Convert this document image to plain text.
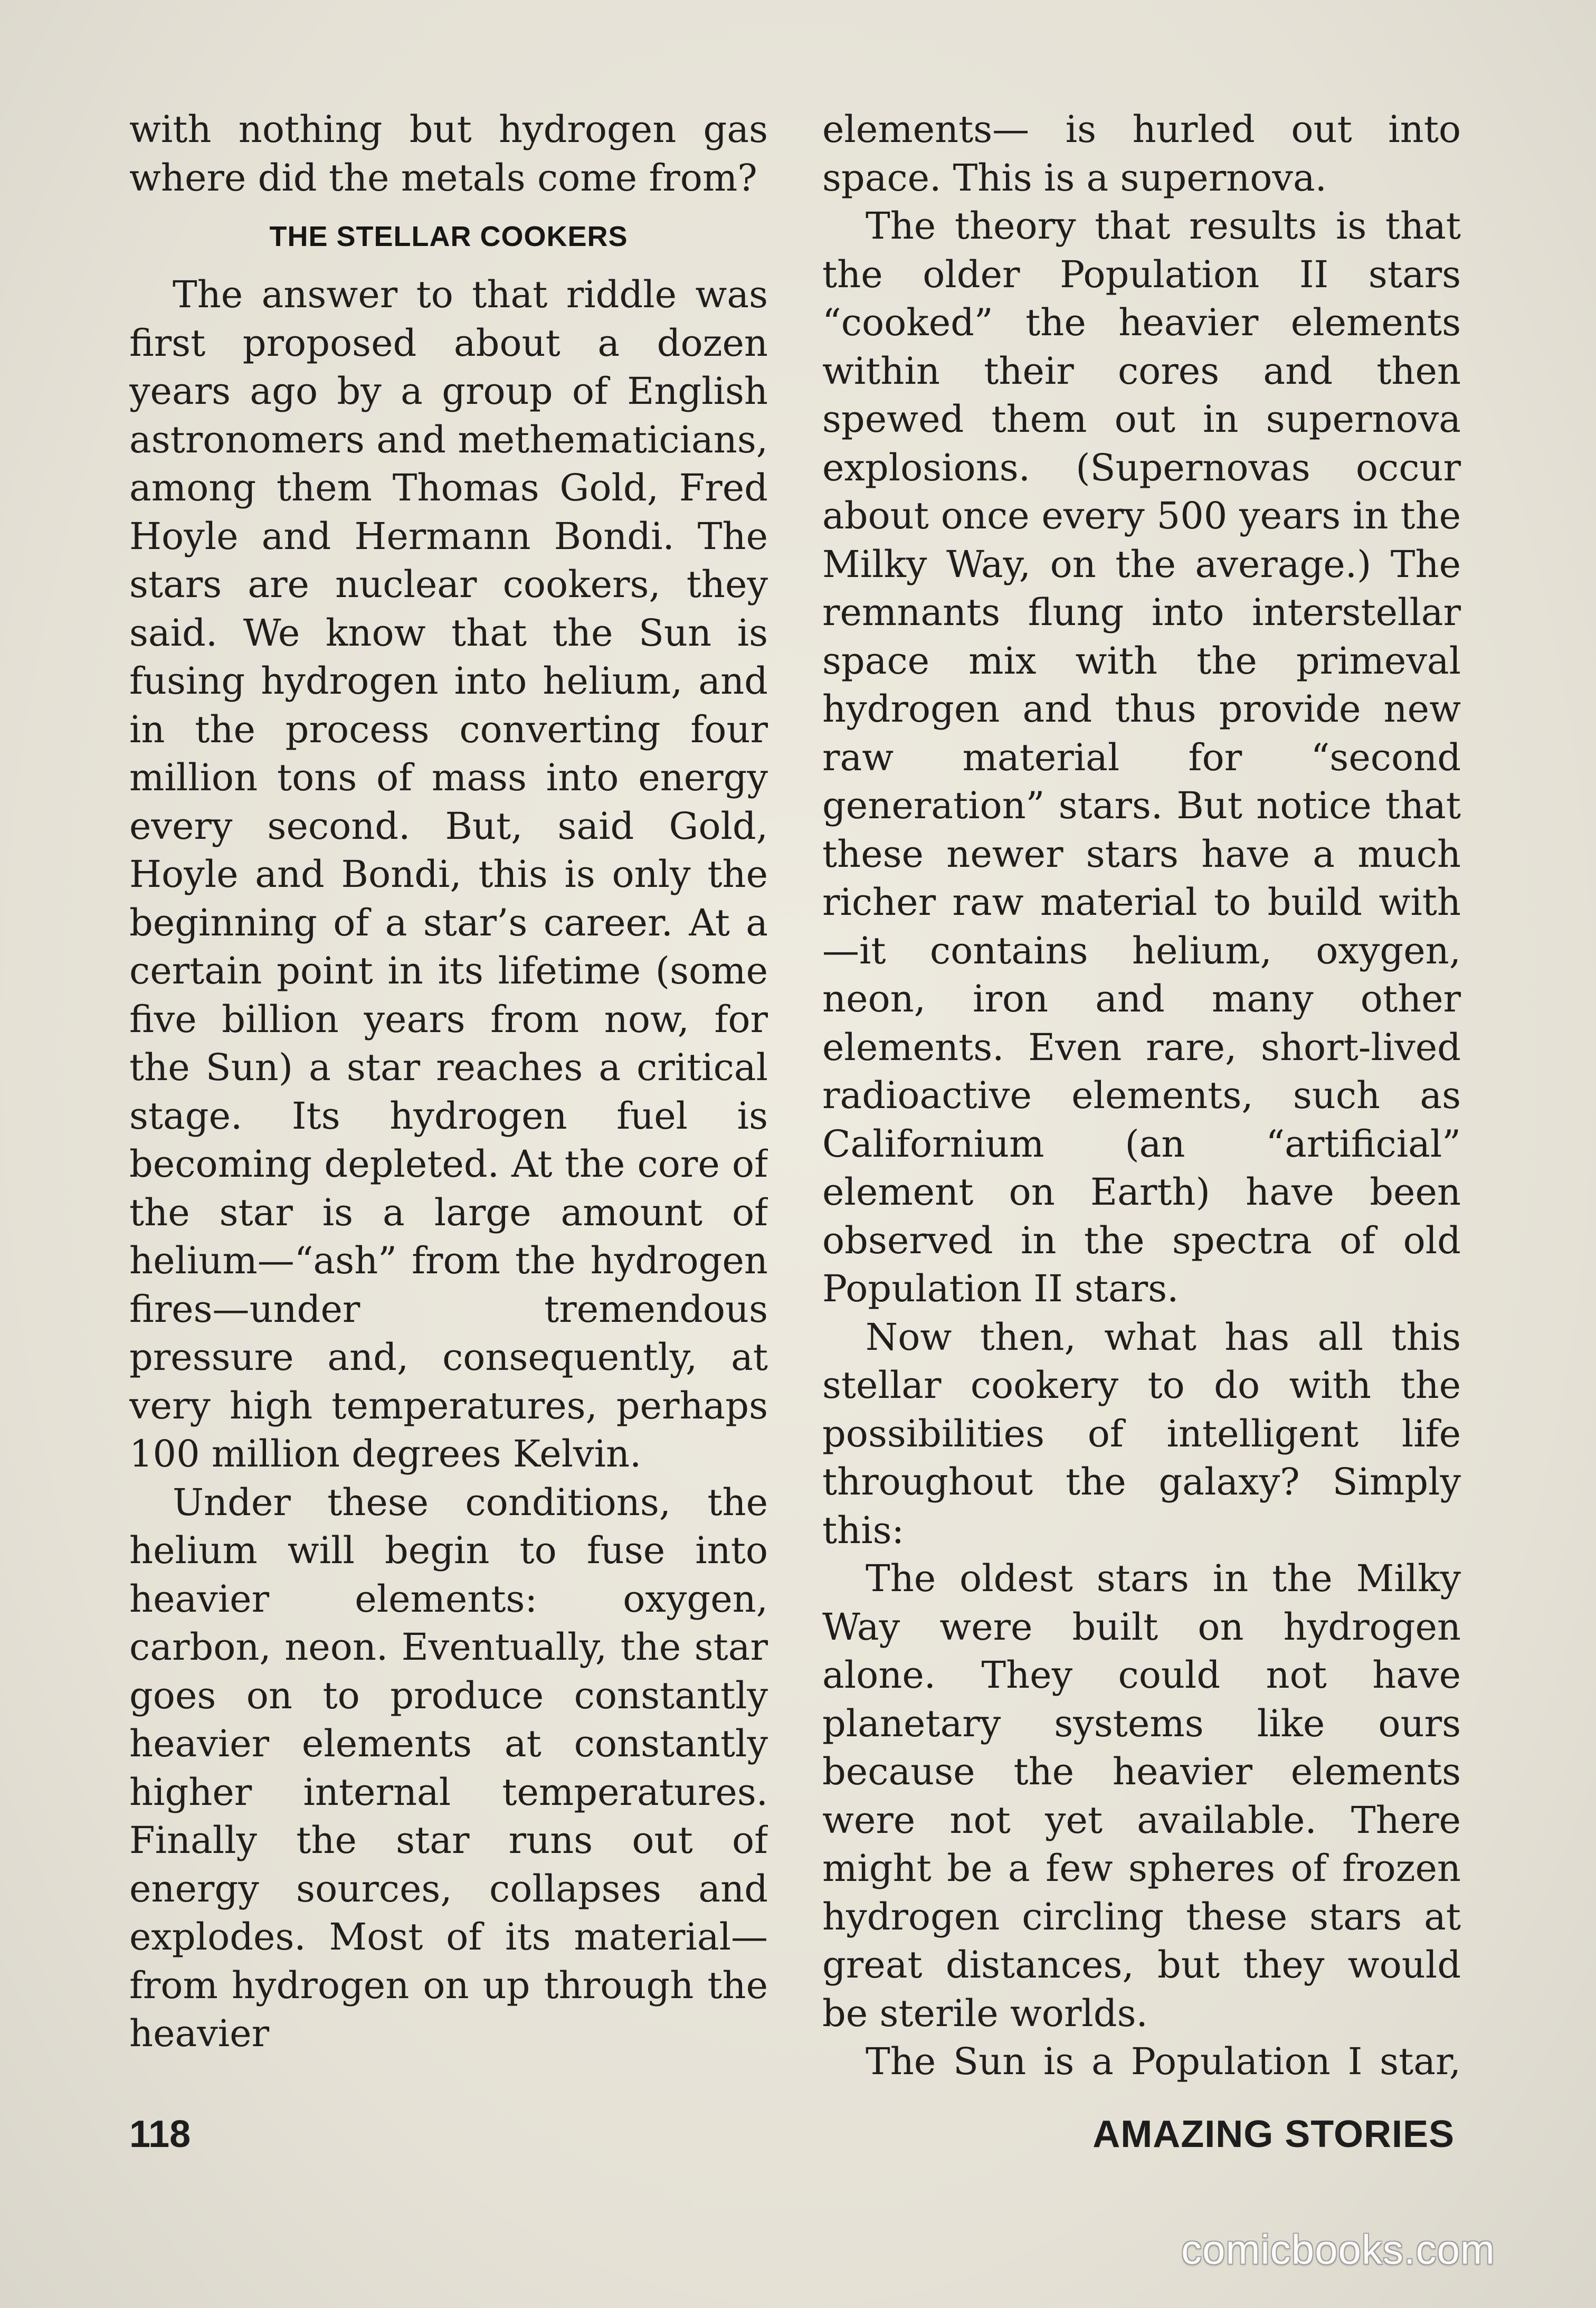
with nothing but hydrogen gas where did the metals come from?

THE STELLAR COOKERS

The answer to that riddle was first proposed about a dozen years ago by a group of English astronomers and methematicians, among them Thomas Gold, Fred Hoyle and Hermann Bondi. The stars are nuclear cookers, they said. We know that the Sun is fusing hydrogen into helium, and in the process converting four million tons of mass into energy every second. But, said Gold, Hoyle and Bondi, this is only the beginning of a star’s career. At a certain point in its lifetime (some five billion years from now, for the Sun) a star reaches a critical stage. Its hydrogen fuel is becoming depleted. At the core of the star is a large amount of helium—“ash” from the hydrogen fires—under tremendous pressure and, consequently, at very high temperatures, perhaps 100 million degrees Kelvin.

Under these conditions, the helium will begin to fuse into heavier elements: oxygen, carbon, neon. Eventually, the star goes on to produce constantly heavier elements at constantly higher internal temperatures. Finally the star runs out of energy sources, collapses and explodes. Most of its material—from hydrogen on up through the heavier

elements— is hurled out into space. This is a supernova.

The theory that results is that the older Population II stars “cooked” the heavier elements within their cores and then spewed them out in supernova explosions. (Supernovas occur about once every 500 years in the Milky Way, on the average.) The remnants flung into interstellar space mix with the primeval hydrogen and thus provide new raw material for “second generation” stars. But notice that these newer stars have a much richer raw material to build with—it contains helium, oxygen, neon, iron and many other elements. Even rare, short-lived radioactive elements, such as Californium (an “artificial” element on Earth) have been observed in the spectra of old Population II stars.

Now then, what has all this stellar cookery to do with the possibilities of intelligent life throughout the galaxy? Simply this:

The oldest stars in the Milky Way were built on hydrogen alone. They could not have planetary systems like ours because the heavier elements were not yet available. There might be a few spheres of frozen hydrogen circling these stars at great distances, but they would be sterile worlds.

The Sun is a Population I star,

118	AMAZING STORIES
comicbooks.com
